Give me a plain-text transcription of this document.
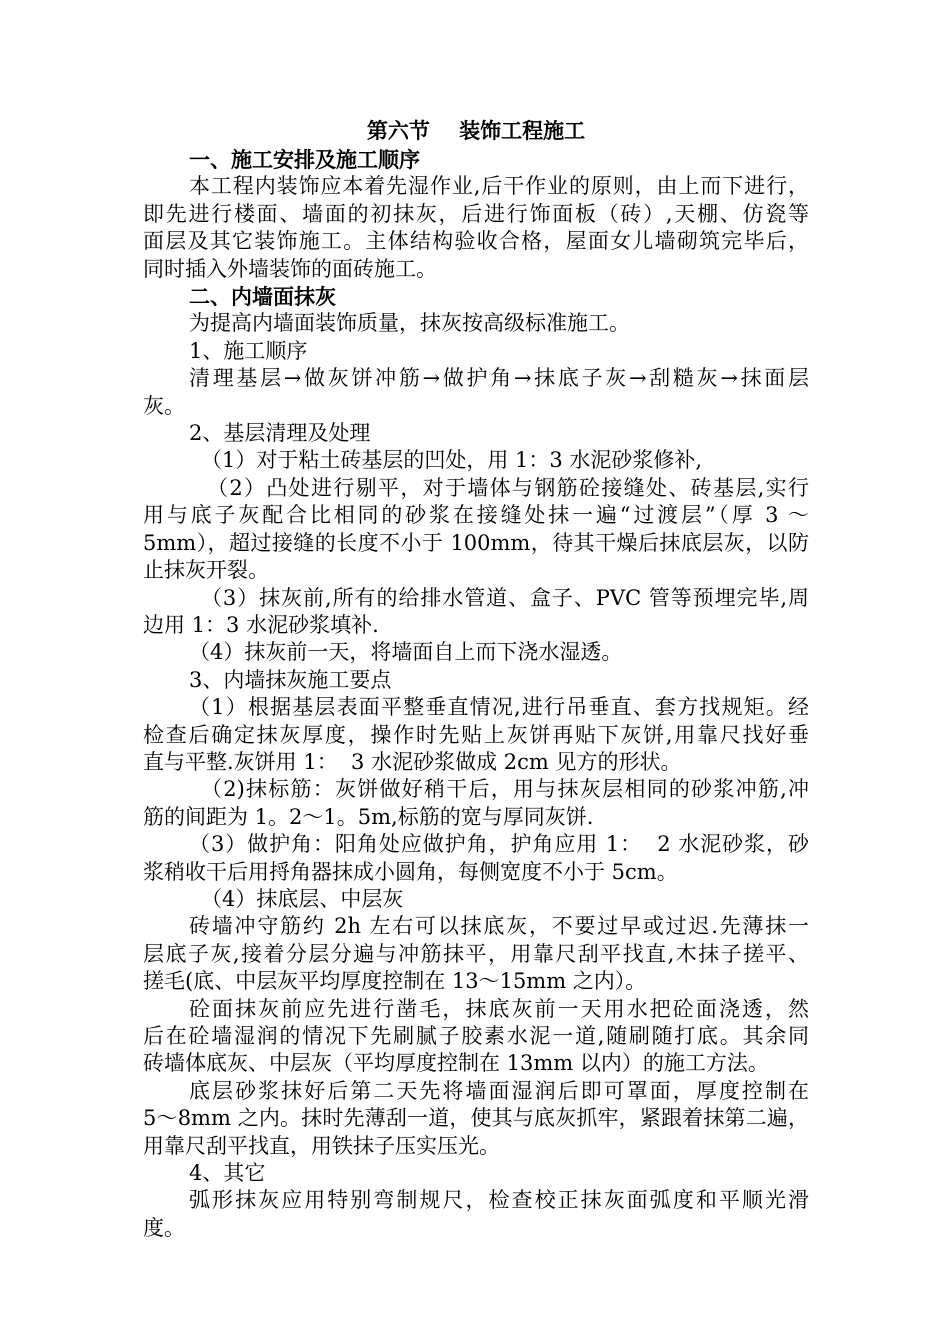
第六节    装饰工程施工

一、施工安排及施工顺序

本工程内装饰应本着先湿作业,后干作业的原则，由上而下进行，

即先进行楼面、墙面的初抹灰，后进行饰面板（砖）,天棚、仿瓷等

面层及其它装饰施工。主体结构验收合格，屋面女儿墙砌筑完毕后，

同时插入外墙装饰的面砖施工。

二、内墙面抹灰

为提高内墙面装饰质量，抹灰按高级标准施工。

1、施工顺序

清理基层→做灰饼冲筋→做护角→抹底子灰→刮糙灰→抹面层

灰。

2、基层清理及处理

（1）对于粘土砖基层的凹处，用 1：3 水泥砂浆修补,

（2）凸处进行剔平，对于墙体与钢筋砼接缝处、砖基层,实行

用与底子灰配合比相同的砂浆在接缝处抹一遍“过渡层”（厚 3 ～

5mm），超过接缝的长度不小于 100mm，待其干燥后抹底层灰，以防

止抹灰开裂。

（3）抹灰前,所有的给排水管道、盒子、PVC 管等预埋完毕,周

边用 1：3 水泥砂浆填补.

（4）抹灰前一天，将墙面自上而下浇水湿透。

3、内墙抹灰施工要点

（1）根据基层表面平整垂直情况,进行吊垂直、套方找规矩。经

检查后确定抹灰厚度，操作时先贴上灰饼再贴下灰饼,用靠尺找好垂

直与平整.灰饼用 1：  3 水泥砂浆做成 2cm 见方的形状。

（2)抹标筋：灰饼做好稍干后，用与抹灰层相同的砂浆冲筋,冲

筋的间距为 1。2～1。5m,标筋的宽与厚同灰饼.

（3）做护角：阳角处应做护角，护角应用 1：  2 水泥砂浆，砂

浆稍收干后用捋角器抹成小圆角，每侧宽度不小于 5cm。

（4）抹底层、中层灰

砖墙冲守筋约 2h 左右可以抹底灰，不要过早或过迟.先薄抹一

层底子灰,接着分层分遍与冲筋抹平，用靠尺刮平找直,木抹子搓平、

搓毛(底、中层灰平均厚度控制在 13～15mm 之内）。

砼面抹灰前应先进行凿毛，抹底灰前一天用水把砼面浇透，然

后在砼墙湿润的情况下先刷腻子胶素水泥一道,随刷随打底。其余同

砖墙体底灰、中层灰（平均厚度控制在 13mm 以内）的施工方法。

底层砂浆抹好后第二天先将墙面湿润后即可罩面，厚度控制在

5～8mm 之内。抹时先薄刮一道，使其与底灰抓牢，紧跟着抹第二遍，

用靠尺刮平找直，用铁抹子压实压光。

4、其它

弧形抹灰应用特别弯制规尺，检查校正抹灰面弧度和平顺光滑

度。
